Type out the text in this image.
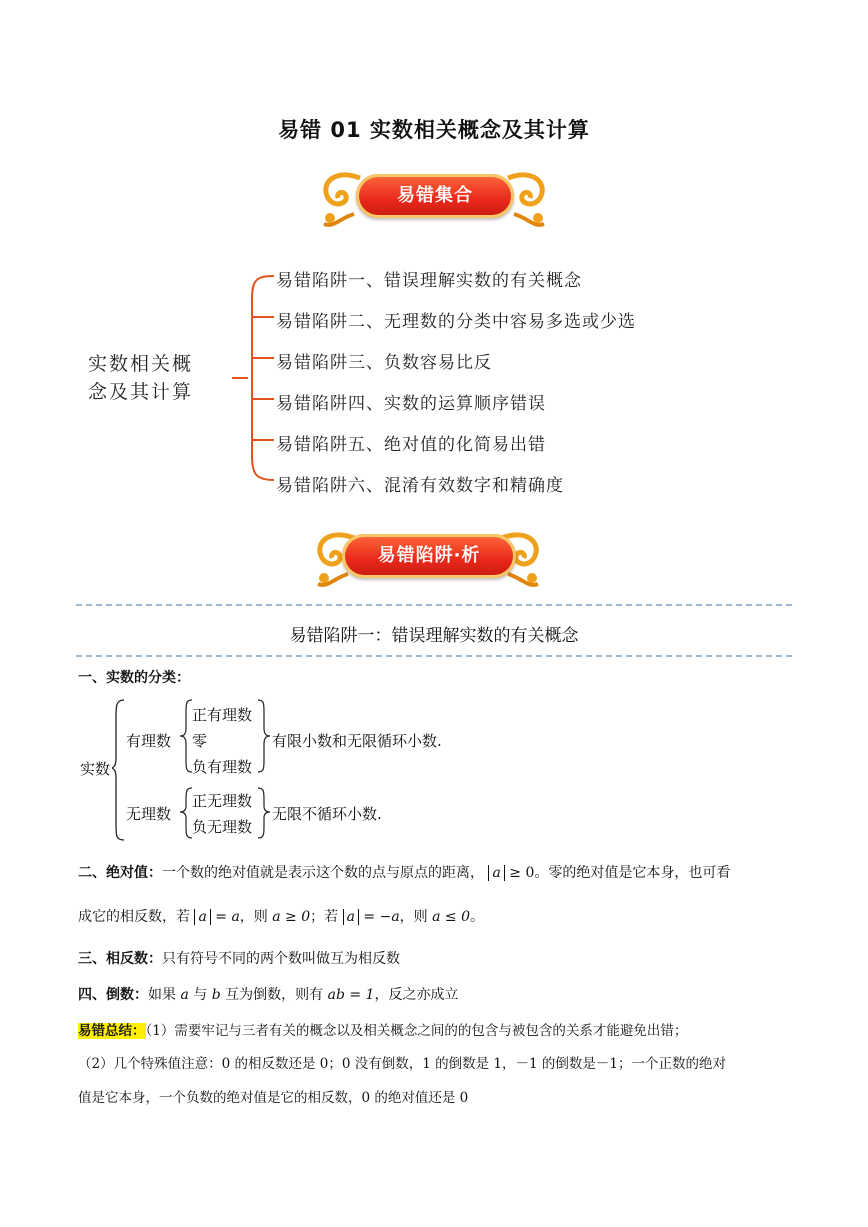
易错 01 实数相关概念及其计算
易错集合
实数相关概
念及其计算
易错陷阱一、错误理解实数的有关概念
易错陷阱二、无理数的分类中容易多选或少选
易错陷阱三、负数容易比反
易错陷阱四、实数的运算顺序错误
易错陷阱五、绝对值的化简易出错
易错陷阱六、混淆有效数字和精确度
易错陷阱·析
易错陷阱一：错误理解实数的有关概念
一、实数的分类：
实数
有理数
正有理数
零
负有理数
有限小数和无限循环小数.
无理数
正无理数
负无理数
无限不循环小数.
二、绝对值：一个数的绝对值就是表示这个数的点与原点的距离， a ≥ 0。零的绝对值是它本身，也可看
成它的相反数，若 a = a，则 a ≥ 0；若 a = −a，则 a ≤ 0。
三、相反数：只有符号不同的两个数叫做互为相反数
四、倒数：如果 a 与 b 互为倒数，则有 ab = 1，反之亦成立
易错总结：（1）需要牢记与三者有关的概念以及相关概念之间的的包含与被包含的关系才能避免出错；
（2）几个特殊值注意：0 的相反数还是 0；0 没有倒数，1 的倒数是 1，－1 的倒数是－1；一个正数的绝对
值是它本身，一个负数的绝对值是它的相反数，0 的绝对值还是 0
